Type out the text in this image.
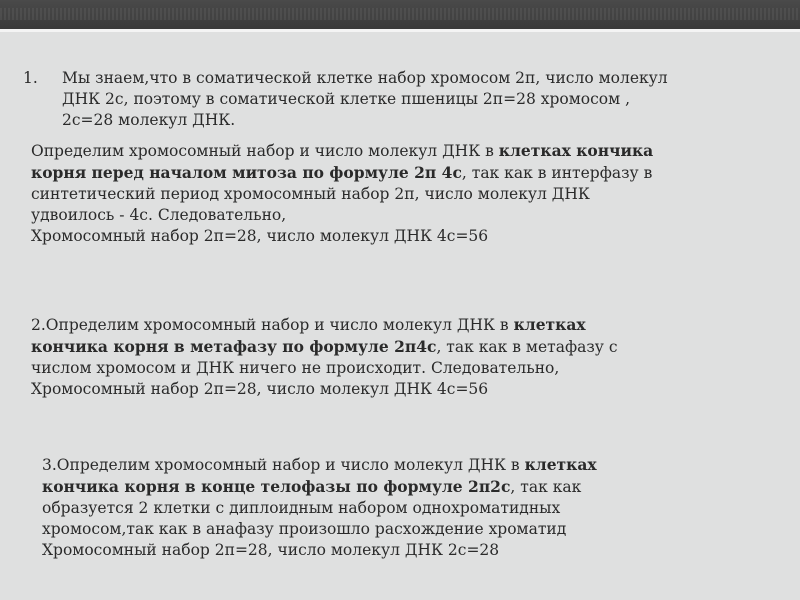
1. Мы знаем,что в соматической клетке набор хромосом 2п, число молекул
ДНК 2с, поэтому в соматической клетке пшеницы 2п=28 хромосом ,
2с=28 молекул ДНК.

Определим хромосомный набор и число молекул ДНК в клетках кончика
корня перед началом митоза по формуле 2п 4с, так как в интерфазу в
синтетический период хромосомный набор 2п, число молекул ДНК
удвоилось - 4с. Следовательно,
Хромосомный набор 2п=28, число молекул ДНК 4с=56

2.Определим хромосомный набор и число молекул ДНК в клетках
кончика корня в метафазу по формуле 2п4с, так как в метафазу с
числом хромосом и ДНК ничего не происходит. Следовательно,
Хромосомный набор 2п=28, число молекул ДНК 4с=56

3.Определим хромосомный набор и число молекул ДНК в клетках
кончика корня в конце телофазы по формуле 2п2с, так как
образуется 2 клетки с диплоидным набором однохроматидных
хромосом,так как в анафазу произошло расхождение хроматид
Хромосомный набор 2п=28, число молекул ДНК 2с=28
